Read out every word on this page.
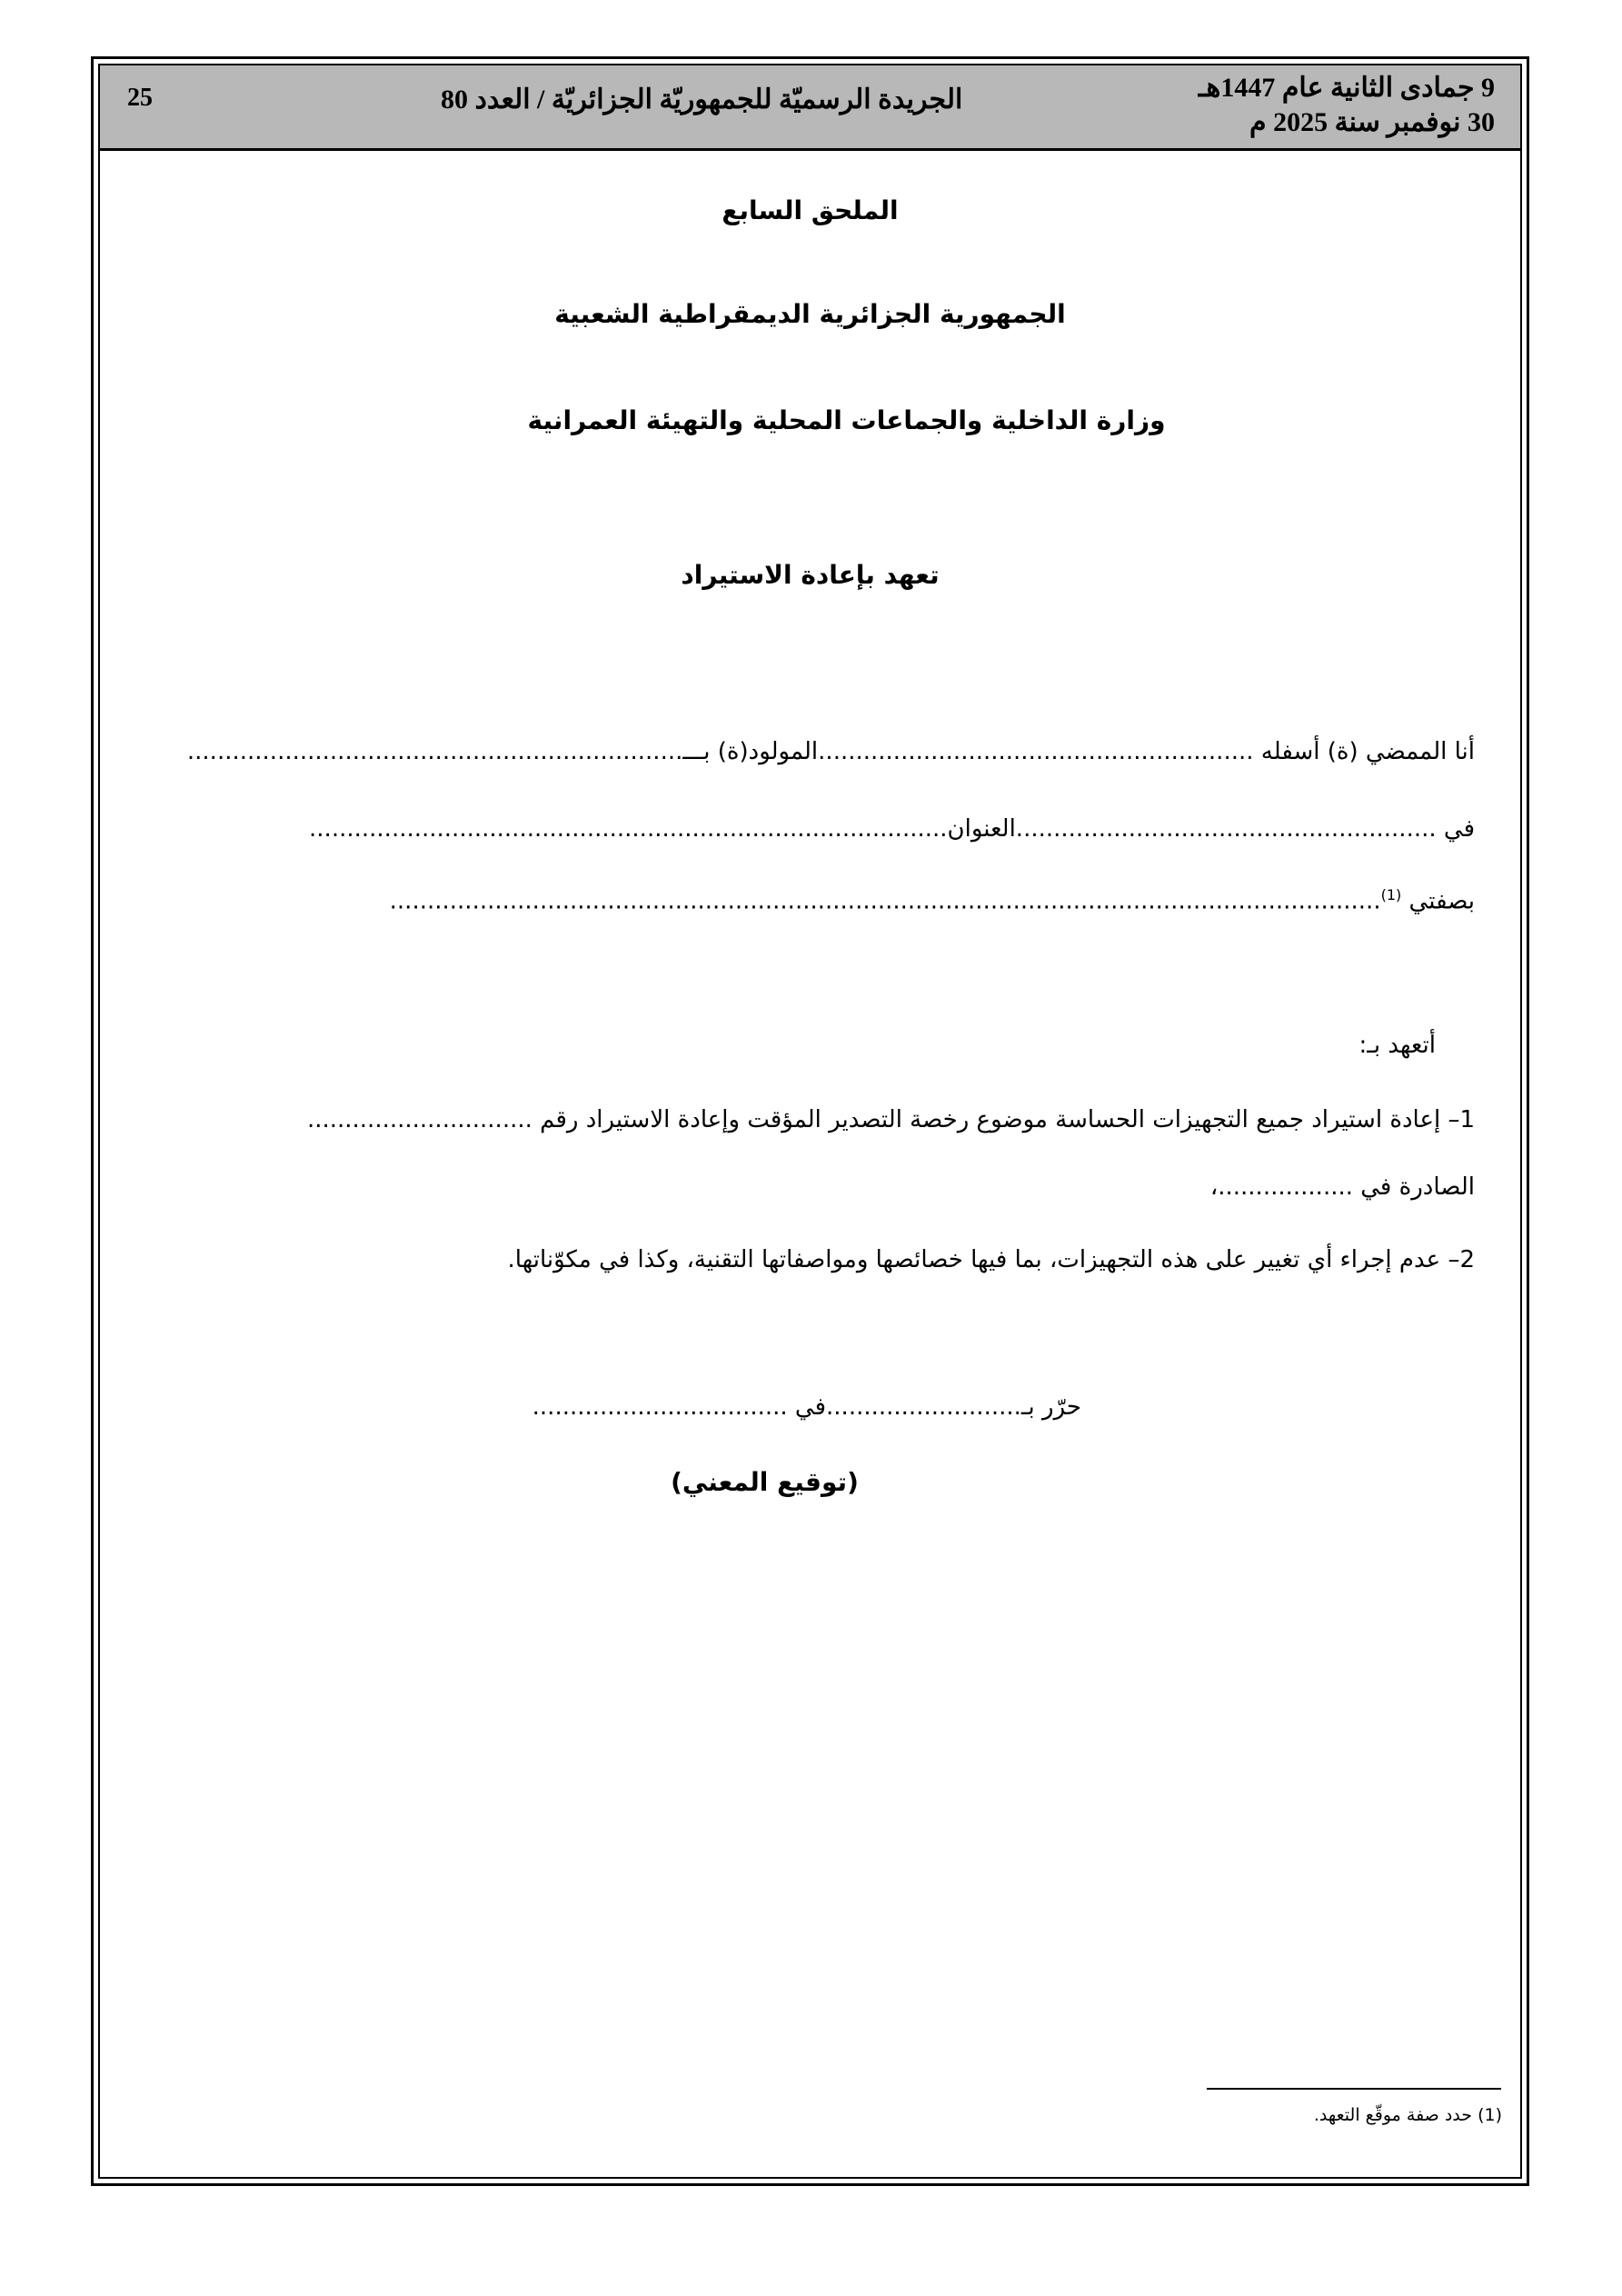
9 جمادى الثانية عام 1447هـ
30 نوفمبر سنة 2025 م
الجريدة الرسميّة للجمهوريّة الجزائريّة / العدد 80
25
الملحق السابع
الجمهورية الجزائرية الديمقراطية الشعبية
وزارة الداخلية والجماعات المحلية والتهيئة العمرانية
تعهد بإعادة الاستيراد
أنا الممضي (ة) أسفله ..........................................................المولود(ة) بـــ..................................................................
في ........................................................العنوان.....................................................................................
بصفتي $^{(1)}$....................................................................................................................................
أتعهد بـ:
1– إعادة استيراد جميع التجهيزات الحساسة موضوع رخصة التصدير المؤقت وإعادة الاستيراد رقم ..............................
الصادرة في ..................،
2– عدم إجراء أي تغيير على هذه التجهيزات، بما فيها خصائصها ومواصفاتها التقنية، وكذا في مكوّناتها.
حرّر بـ..........................في ..................................
(توقيع المعني)
(1) حدد صفة موقّع التعهد.
